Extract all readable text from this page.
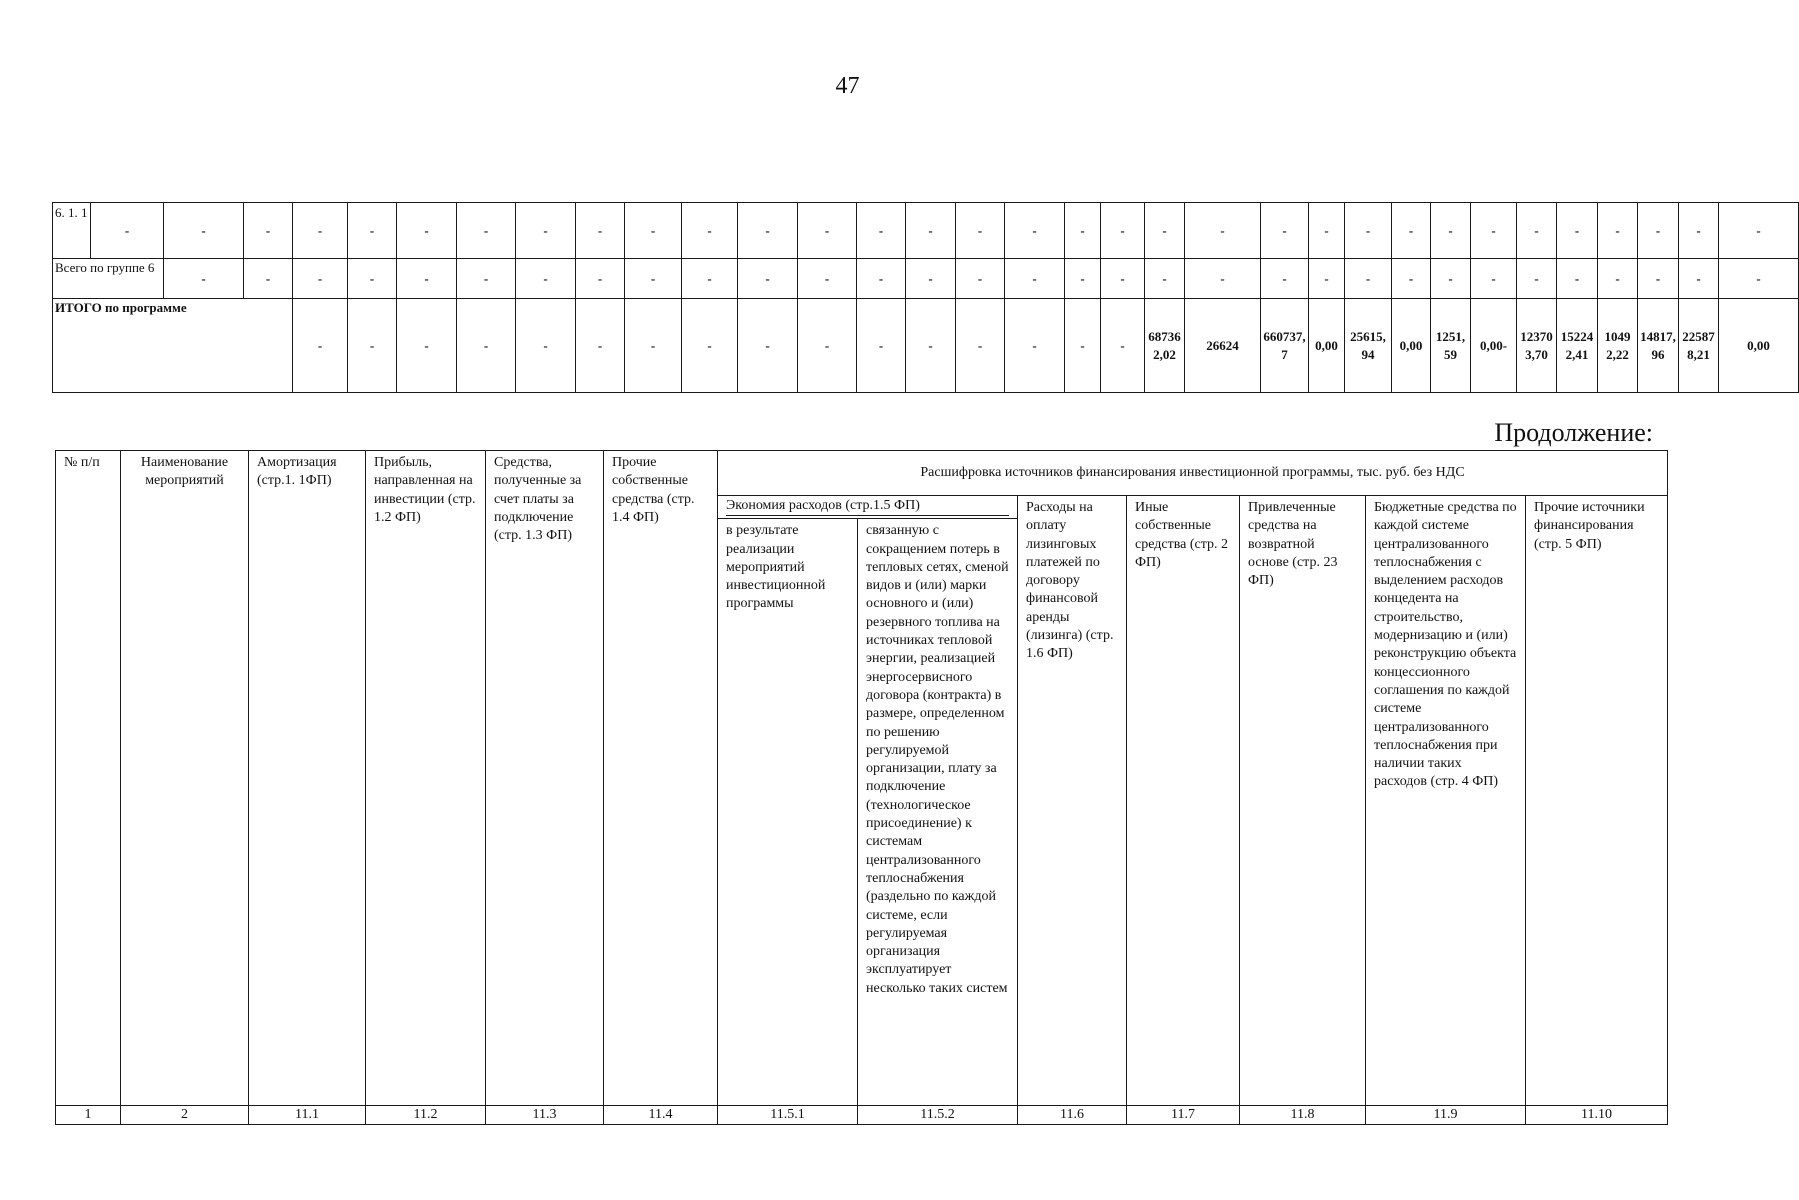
47
6. 1. 1	-	-	-	-	-	-	-	-	-	-	-	-	-	-	-	-	-	-	-	-	-	-	-	-	-	-	-	-	-	-	-	-	-
Всего по группе 6		-	-	-	-	-	-	-	-	-	-	-	-	-	-	-	-	-	-	-	-	-	-	-	-	-	-	-	-	-	-	-	-
ИТОГО по программе				-	-	-	-	-	-	-	-	-	-	-	-	-	-	-	-	687362,02	26624	660737,7	0,00	25615,94	0,00	1251,59	0,00-	123703,70	152242,41	10492,22	14817,96	225878,21	0,00
Продолжение:
№ п/п	Наименование мероприятий	Амортизация (стр.1. 1ФП)	Прибыль, направленная на инвестиции (стр. 1.2 ФП)	Средства, полученные за счет платы за подключение (стр. 1.3 ФП)	Прочие собственные средства (стр. 1.4 ФП)	Расшифровка источников финансирования инвестиционной программы, тыс. руб. без НДС						

						Экономия расходов (стр.1.5 ФП)		Расходы на оплату лизинговых платежей по договору финансовой аренды (лизинга) (стр. 1.6 ФП)	Иные собственные средства (стр. 2 ФП)	Привлеченные средства на возвратной основе (стр. 23 ФП)	Бюджетные средства по каждой системе централизованного теплоснабжения с выделением расходов концедента на строительство, модернизацию и (или) реконструкцию объекта концессионного соглашения по каждой системе централизованного теплоснабжения при наличии таких расходов (стр. 4 ФП)	Прочие источники финансирования (стр. 5 ФП)
						в результате реализации мероприятий инвестиционной программы	связанную с сокращением потерь в тепловых сетях, сменой видов и (или) марки основного и (или) резервного топлива на источниках тепловой энергии, реализацией энергосервисного договора (контракта) в размере, определенном по решению регулируемой организации, плату за подключение (технологическое присоединение) к системам централизованного теплоснабжения (раздельно по каждой системе, если регулируемая организация эксплуатирует несколько таких систем					
1	2	11.1	11.2	11.3	11.4	11.5.1	11.5.2	11.6	11.7	11.8	11.9	11.10
